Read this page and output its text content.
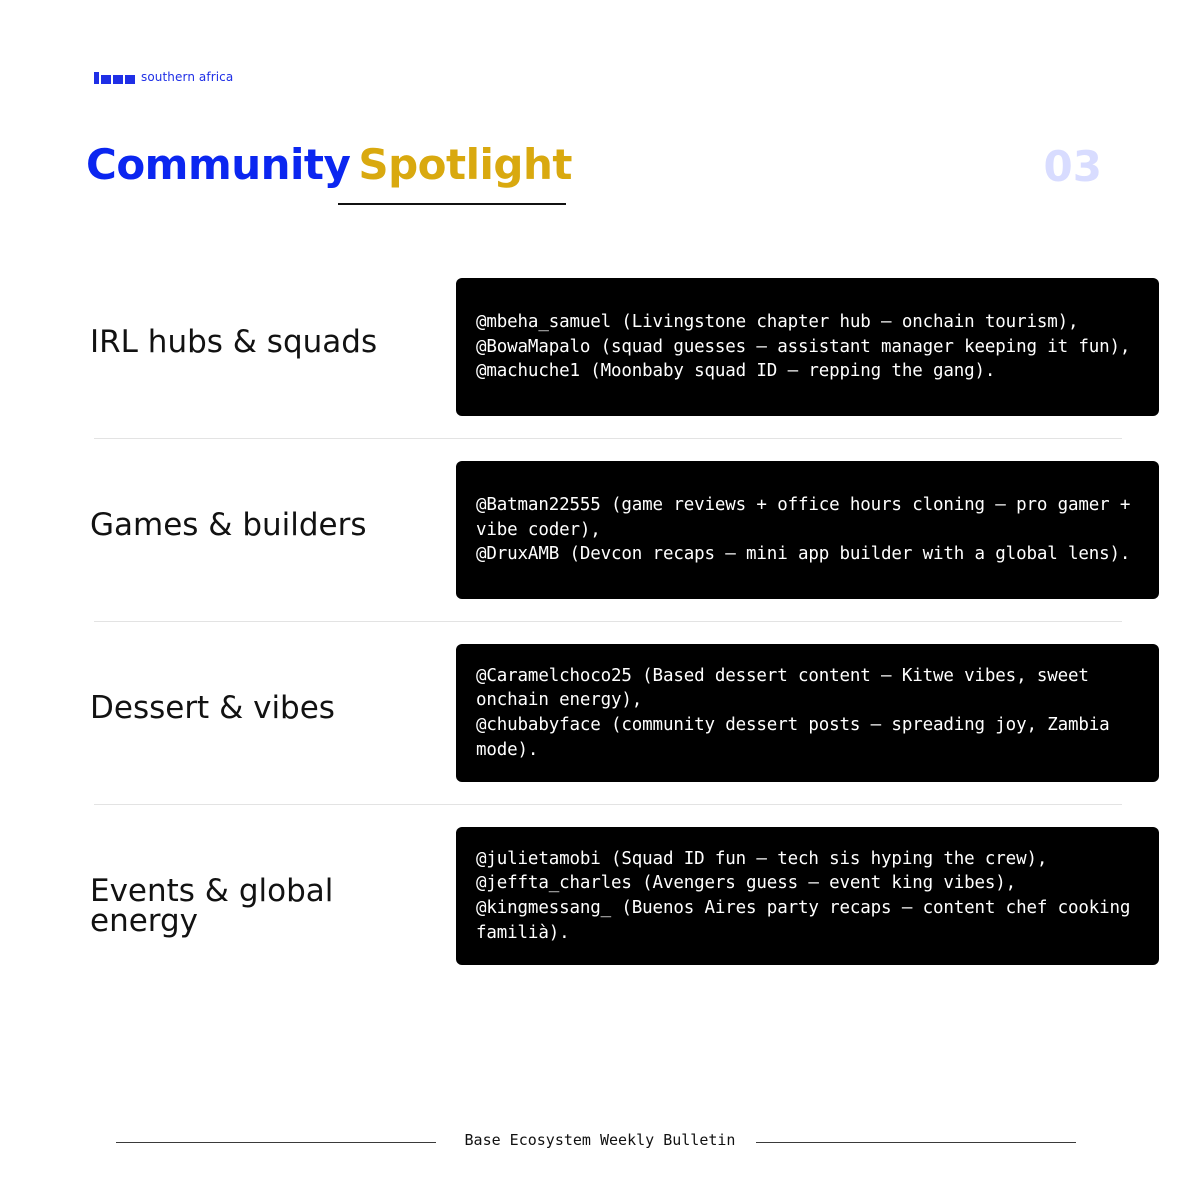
southern africa
Community Spotlight	03
IRL hubs & squads
@mbeha_samuel (Livingstone chapter hub – onchain tourism),
@BowaMapalo (squad guesses – assistant manager keeping it fun),
@machuche1 (Moonbaby squad ID – repping the gang).
Games & builders
@Batman22555 (game reviews + office hours cloning – pro gamer +
vibe coder),
@DruxAMB (Devcon recaps – mini app builder with a global lens).
Dessert & vibes
@Caramelchoco25 (Based dessert content – Kitwe vibes, sweet
onchain energy),
@chubabyface (community dessert posts – spreading joy, Zambia
mode).
Events & global
energy
@julietamobi (Squad ID fun – tech sis hyping the crew),
@jeffta_charles (Avengers guess – event king vibes),
@kingmessang_ (Buenos Aires party recaps – content chef cooking
familià).
Base Ecosystem Weekly Bulletin
